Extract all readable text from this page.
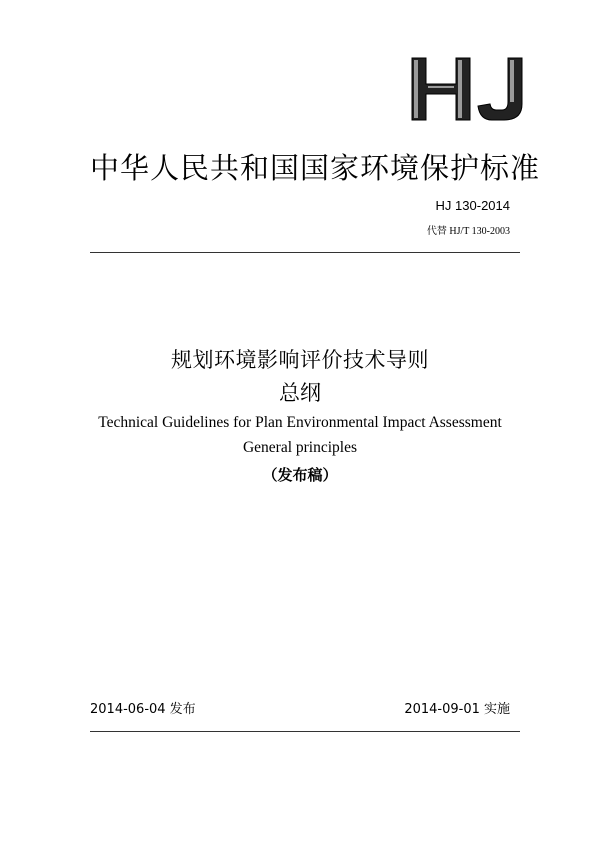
中华人民共和国国家环境保护标准
HJ 130-2014
代替 HJ/T 130-2003
规划环境影响评价技术导则
总纲
Technical Guidelines for Plan Environmental Impact Assessment
General principles
（发布稿）
2014-06-04 发布	2014-09-01 实施
